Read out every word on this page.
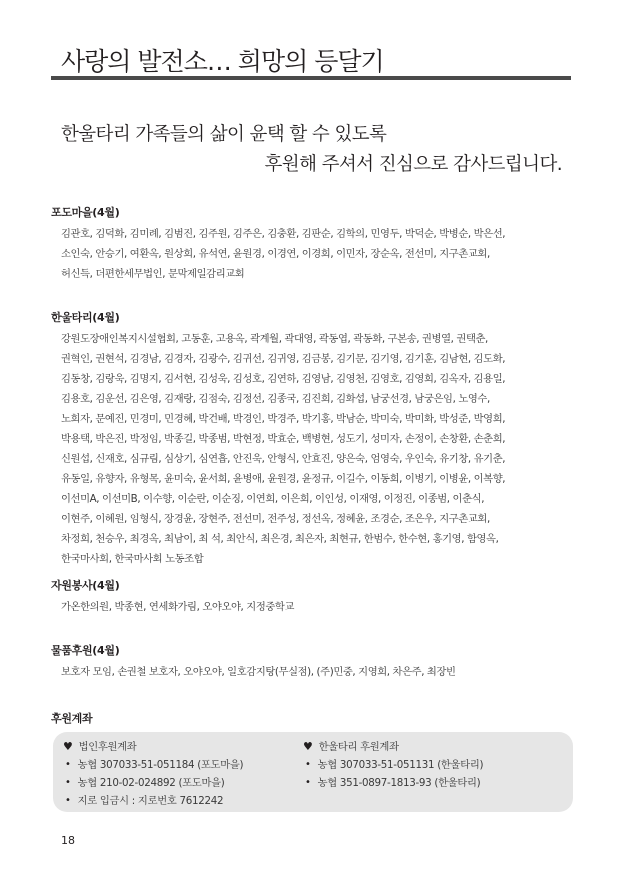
사랑의 발전소… 희망의 등달기
한울타리 가족들의 삶이 윤택 할 수 있도록
후원해 주셔서 진심으로 감사드립니다.
포도마을(4월)
김관호, 김덕화, 김미례, 김범진, 김주원, 김주은, 김충환, 김판순, 김학의, 민영두, 박덕순, 박병순, 박은선,
소인숙, 안승기, 여환옥, 원상희, 유석연, 윤원경, 이경연, 이경희, 이민자, 장순옥, 전선미, 지구촌교회,
허신득, 더편한세무법인, 문막제일감리교회
한울타리(4월)
강원도장애인복지시설협회, 고동훈, 고용옥, 곽계월, 곽대영, 곽동엽, 곽동화, 구본송, 권병열, 권택춘,
권혁인, 권현석, 김경남, 김경자, 김광수, 김귀선, 김귀영, 김금봉, 김기문, 김기영, 김기훈, 김남현, 김도화,
김동창, 김랑욱, 김명지, 김서현, 김성욱, 김성호, 김연하, 김영남, 김영천, 김영호, 김영희, 김옥자, 김용일,
김용호, 김운선, 김은영, 김재랑, 김점숙, 김정선, 김종국, 김진희, 김화섭, 남궁선경, 남궁은임, 노영수,
노희자, 문예진, 민경미, 민경혜, 박건배, 박경인, 박경주, 박기홍, 박남순, 박미숙, 박미화, 박성준, 박영희,
박용택, 박은진, 박정임, 박종길, 박종범, 박현정, 박효순, 백병현, 성도기, 성미자, 손정이, 손창환, 손춘희,
신원섭, 신재호, 심규림, 심상기, 심연흡, 안진욱, 안형식, 안효진, 양은숙, 엄영숙, 우인숙, 유기창, 유기춘,
유동일, 유향자, 유형목, 윤미숙, 윤서희, 윤병애, 윤원경, 윤정규, 이길수, 이동희, 이병기, 이병윤, 이복향,
이선미A, 이선미B, 이수향, 이순란, 이순징, 이연희, 이은희, 이인성, 이재영, 이정진, 이종범, 이춘식,
이현주, 이혜원, 임형식, 장경윤, 장현주, 전선미, 전주성, 정선옥, 정혜윤, 조경순, 조은우, 지구촌교회,
차정희, 천승우, 최경옥, 최남이, 최 석, 최안식, 최은경, 최은자, 최현규, 한범수, 한수현, 홍기영, 함영옥,
한국마사회, 한국마사회 노동조합
자원봉사(4월)
가온한의원, 박종현, 연세화가림, 오야오야, 지정중학교
물품후원(4월)
보호자 모임, 손권철 보호자, 오야오야, 일호감지탕(무실점), (주)민중, 지영희, 차은주, 최장빈
후원계좌
♥ 법인후원계좌
• 농협 307033-51-051184 (포도마을)
• 농협 210-02-024892 (포도마을)
• 지로 입금시 : 지로번호 7612242
♥ 한울타리 후원계좌
• 농협 307033-51-051131 (한울타리)
• 농협 351-0897-1813-93 (한울타리)
18
